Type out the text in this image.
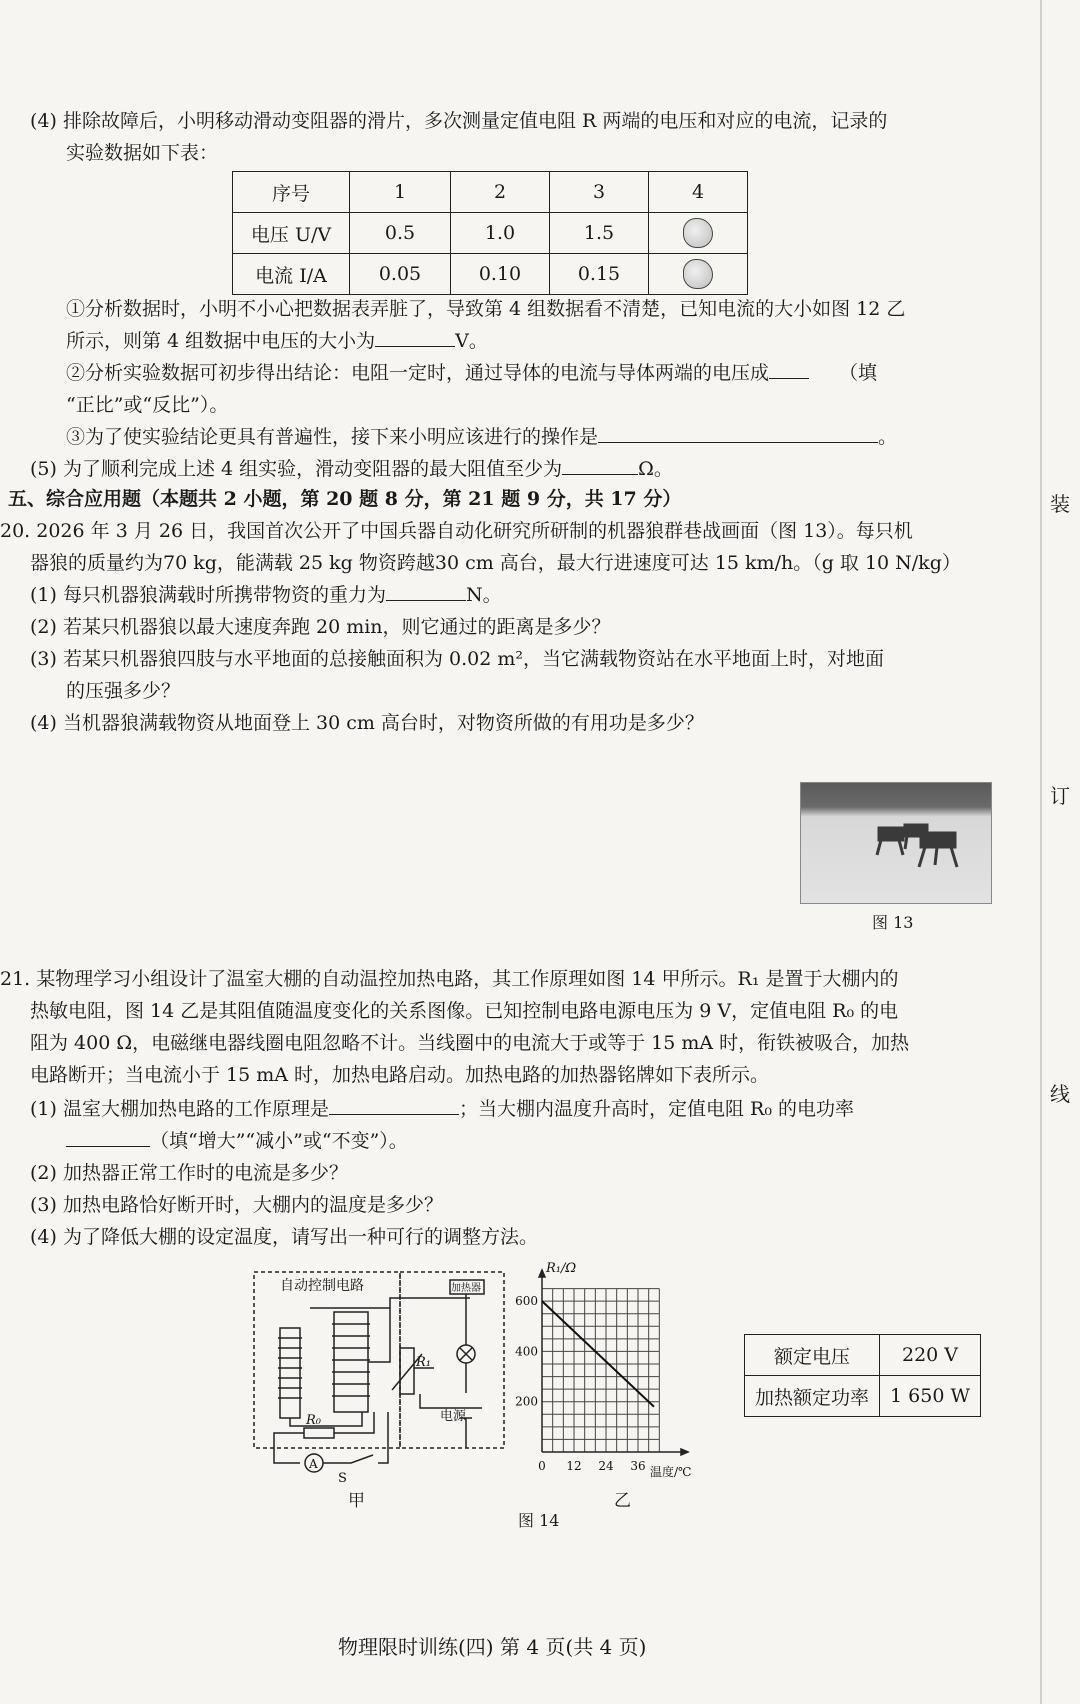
装
订
线
(4) 排除故障后，小明移动滑动变阻器的滑片，多次测量定值电阻 R 两端的电压和对应的电流，记录的
实验数据如下表：
序号	1	2	3	4
电压 U/V	0.5	1.0	1.5	
电流 I/A	0.05	0.10	0.15	
①分析数据时，小明不小心把数据表弄脏了，导致第 4 组数据看不清楚，已知电流的大小如图 12 乙
所示，则第 4 组数据中电压的大小为	V。
②分析实验数据可初步得出结论：电阻一定时，通过导体的电流与导体两端的电压成	（填
“正比”或“反比”）。
③为了使实验结论更具有普遍性，接下来小明应该进行的操作是	。
(5) 为了顺利完成上述 4 组实验，滑动变阻器的最大阻值至少为	Ω。
五、综合应用题（本题共 2 小题，第 20 题 8 分，第 21 题 9 分，共 17 分）
20. 2026 年 3 月 26 日，我国首次公开了中国兵器自动化研究所研制的机器狼群巷战画面（图 13）。每只机
器狼的质量约为70 kg，能满载 25 kg 物资跨越30 cm 高台，最大行进速度可达 15 km/h。（g 取 10 N/kg）
(1) 每只机器狼满载时所携带物资的重力为	N。
(2) 若某只机器狼以最大速度奔跑 20 min，则它通过的距离是多少？
(3) 若某只机器狼四肢与水平地面的总接触面积为 0.02 m²，当它满载物资站在水平地面上时，对地面
的压强多少？
(4) 当机器狼满载物资从地面登上 30 cm 高台时，对物资所做的有用功是多少？
图 13
21. 某物理学习小组设计了温室大棚的自动温控加热电路，其工作原理如图 14 甲所示。R₁ 是置于大棚内的
热敏电阻，图 14 乙是其阻值随温度变化的关系图像。已知控制电路电源电压为 9 V，定值电阻 R₀ 的电
阻为 400 Ω，电磁继电器线圈电阻忽略不计。当线圈中的电流大于或等于 15 mA 时，衔铁被吸合，加热
电路断开；当电流小于 15 mA 时，加热电路启动。加热电路的加热器铭牌如下表所示。
(1) 温室大棚加热电路的工作原理是	；当大棚内温度升高时，定值电阻 R₀ 的电功率
（填“增大”“减小”或“不变”）。
(2) 加热器正常工作时的电流是多少？
(3) 加热电路恰好断开时，大棚内的温度是多少？
(4) 为了降低大棚的设定温度，请写出一种可行的调整方法。
自动控制电路	加热器
R₁
R₀
A
S
电源
甲
0 12 24 36
200
400
600
R₁/Ω
温度/℃
乙
图 14
额定电压	220 V
加热额定功率	1 650 W
物理限时训练(四) 第 4 页(共 4 页)
